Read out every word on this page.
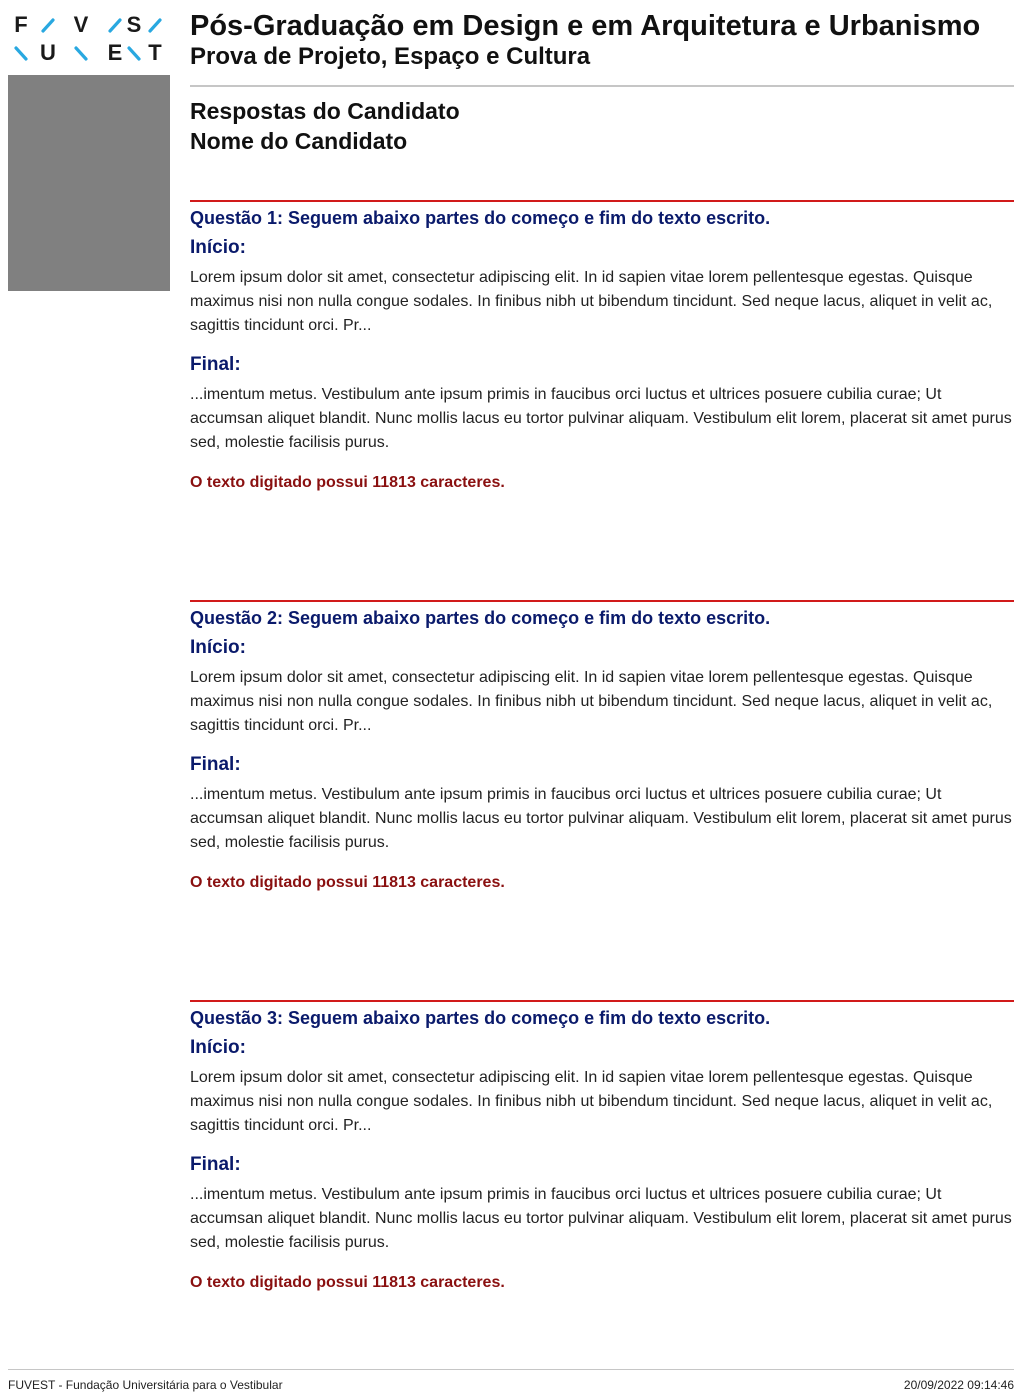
F V S
U E T
Pós-Graduação em Design e em Arquitetura e Urbanismo
Prova de Projeto, Espaço e Cultura
Respostas do Candidato
Nome do Candidato
Questão 1: Seguem abaixo partes do começo e fim do texto escrito.
Início:
Lorem ipsum dolor sit amet, consectetur adipiscing elit. In id sapien vitae lorem pellentesque egestas. Quisque maximus nisi non nulla congue sodales. In finibus nibh ut bibendum tincidunt. Sed neque lacus, aliquet in velit ac, sagittis tincidunt orci. Pr...
Final:
...imentum metus. Vestibulum ante ipsum primis in faucibus orci luctus et ultrices posuere cubilia curae; Ut accumsan aliquet blandit. Nunc mollis lacus eu tortor pulvinar aliquam. Vestibulum elit lorem, placerat sit amet purus sed, molestie facilisis purus.
O texto digitado possui 11813 caracteres.
Questão 2: Seguem abaixo partes do começo e fim do texto escrito.
Início:
Lorem ipsum dolor sit amet, consectetur adipiscing elit. In id sapien vitae lorem pellentesque egestas. Quisque maximus nisi non nulla congue sodales. In finibus nibh ut bibendum tincidunt. Sed neque lacus, aliquet in velit ac, sagittis tincidunt orci. Pr...
Final:
...imentum metus. Vestibulum ante ipsum primis in faucibus orci luctus et ultrices posuere cubilia curae; Ut accumsan aliquet blandit. Nunc mollis lacus eu tortor pulvinar aliquam. Vestibulum elit lorem, placerat sit amet purus sed, molestie facilisis purus.
O texto digitado possui 11813 caracteres.
Questão 3: Seguem abaixo partes do começo e fim do texto escrito.
Início:
Lorem ipsum dolor sit amet, consectetur adipiscing elit. In id sapien vitae lorem pellentesque egestas. Quisque maximus nisi non nulla congue sodales. In finibus nibh ut bibendum tincidunt. Sed neque lacus, aliquet in velit ac, sagittis tincidunt orci. Pr...
Final:
...imentum metus. Vestibulum ante ipsum primis in faucibus orci luctus et ultrices posuere cubilia curae; Ut accumsan aliquet blandit. Nunc mollis lacus eu tortor pulvinar aliquam. Vestibulum elit lorem, placerat sit amet purus sed, molestie facilisis purus.
O texto digitado possui 11813 caracteres.
FUVEST - Fundação Universitária para o Vestibular	20/09/2022 09:14:46
